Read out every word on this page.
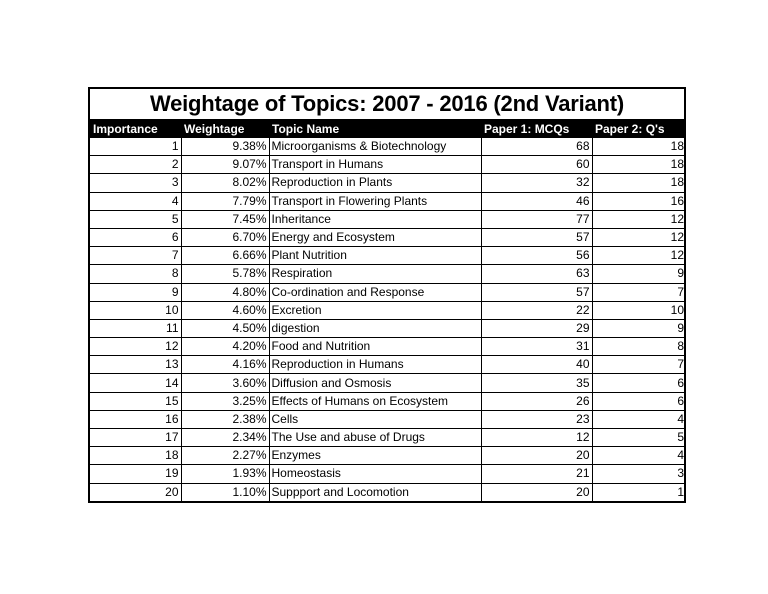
Weightage of Topics: 2007 - 2016 (2nd Variant)
Importance	Weightage	Topic Name	Paper 1: MCQs	Paper 2: Q's
1	9.38%	Microorganisms & Biotechnology	68	18
2	9.07%	Transport in Humans	60	18
3	8.02%	Reproduction in Plants	32	18
4	7.79%	Transport in Flowering Plants	46	16
5	7.45%	Inheritance	77	12
6	6.70%	Energy and Ecosystem	57	12
7	6.66%	Plant Nutrition	56	12
8	5.78%	Respiration	63	9
9	4.80%	Co-ordination and Response	57	7
10	4.60%	Excretion	22	10
11	4.50%	digestion	29	9
12	4.20%	Food and Nutrition	31	8
13	4.16%	Reproduction in Humans	40	7
14	3.60%	Diffusion and Osmosis	35	6
15	3.25%	Effects of Humans on Ecosystem	26	6
16	2.38%	Cells	23	4
17	2.34%	The Use and abuse of Drugs	12	5
18	2.27%	Enzymes	20	4
19	1.93%	Homeostasis	21	3
20	1.10%	Suppport and Locomotion	20	1
